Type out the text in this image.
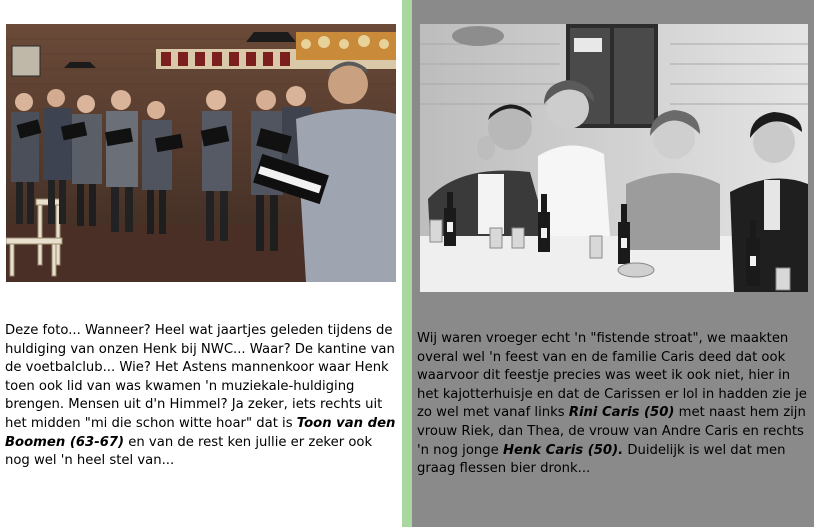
Deze foto... Wanneer? Heel wat jaartjes geleden tijdens de huldiging van onzen Henk bij NWC... Waar? De kantine van de voetbalclub... Wie? Het Astens mannenkoor waar Henk toen ook lid van was kwamen 'n muziekale-huldiging brengen. Mensen uit d'n Himmel? Ja zeker, iets rechts uit het midden "mi die schon witte hoar" dat is Toon van den Boomen (63-67) en van de rest ken jullie er zeker ook nog wel 'n heel stel van...
Wij waren vroeger echt 'n "fistende stroat", we maakten overal wel 'n feest van en de familie Caris deed dat ook waarvoor dit feestje precies was weet ik ook niet, hier in het kajotterhuisje en dat de Carissen er lol in hadden zie je zo wel met vanaf links Rini Caris (50) met naast hem zijn vrouw Riek, dan Thea, de vrouw van Andre Caris en rechts 'n nog jonge Henk Caris (50). Duidelijk is wel dat men graag flessen bier dronk...
